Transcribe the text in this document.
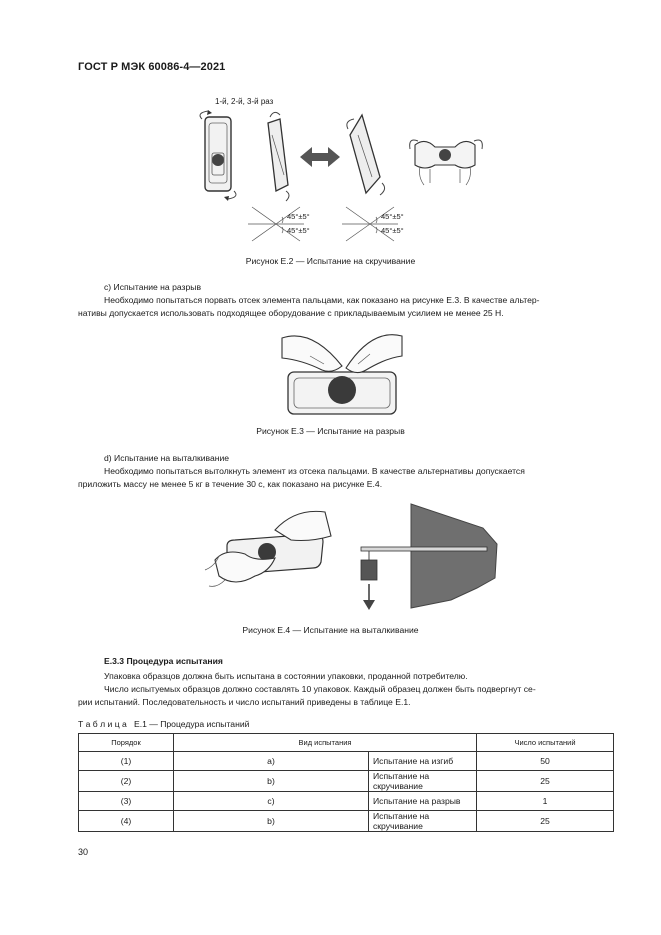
ГОСТ Р МЭК 60086-4—2021
1-й, 2-й, 3-й раз
45°±5°
45°±5°
45°±5°
45°±5°
Рисунок Е.2 — Испытание на скручивание
c) Испытание на разрыв
Необходимо попытаться порвать отсек элемента пальцами, как показано на рисунке Е.3. В качестве альтер-
нативы допускается использовать подходящее оборудование с прикладываемым усилием не менее 25 Н.
Рисунок Е.3 — Испытание на разрыв
d) Испытание на выталкивание
Необходимо попытаться вытолкнуть элемент из отсека пальцами. В качестве альтернативы допускается
приложить массу не менее 5 кг в течение 30 с, как показано на рисунке Е.4.
Рисунок Е.4 — Испытание на выталкивание
Е.3.3 Процедура испытания
Упаковка образцов должна быть испытана в состоянии упаковки, проданной потребителю.
Число испытуемых образцов должно составлять 10 упаковок. Каждый образец должен быть подвергнут се-
рии испытаний. Последовательность и число испытаний приведены в таблице Е.1.
Т а б л и ц а   Е.1 — Процедура испытаний
Порядок	Вид испытания		Число испытаний
(1)	a)	Испытание на изгиб	50
(2)	b)	Испытание на скручивание	25
(3)	c)	Испытание на разрыв	1
(4)	b)	Испытание на скручивание	25
30
